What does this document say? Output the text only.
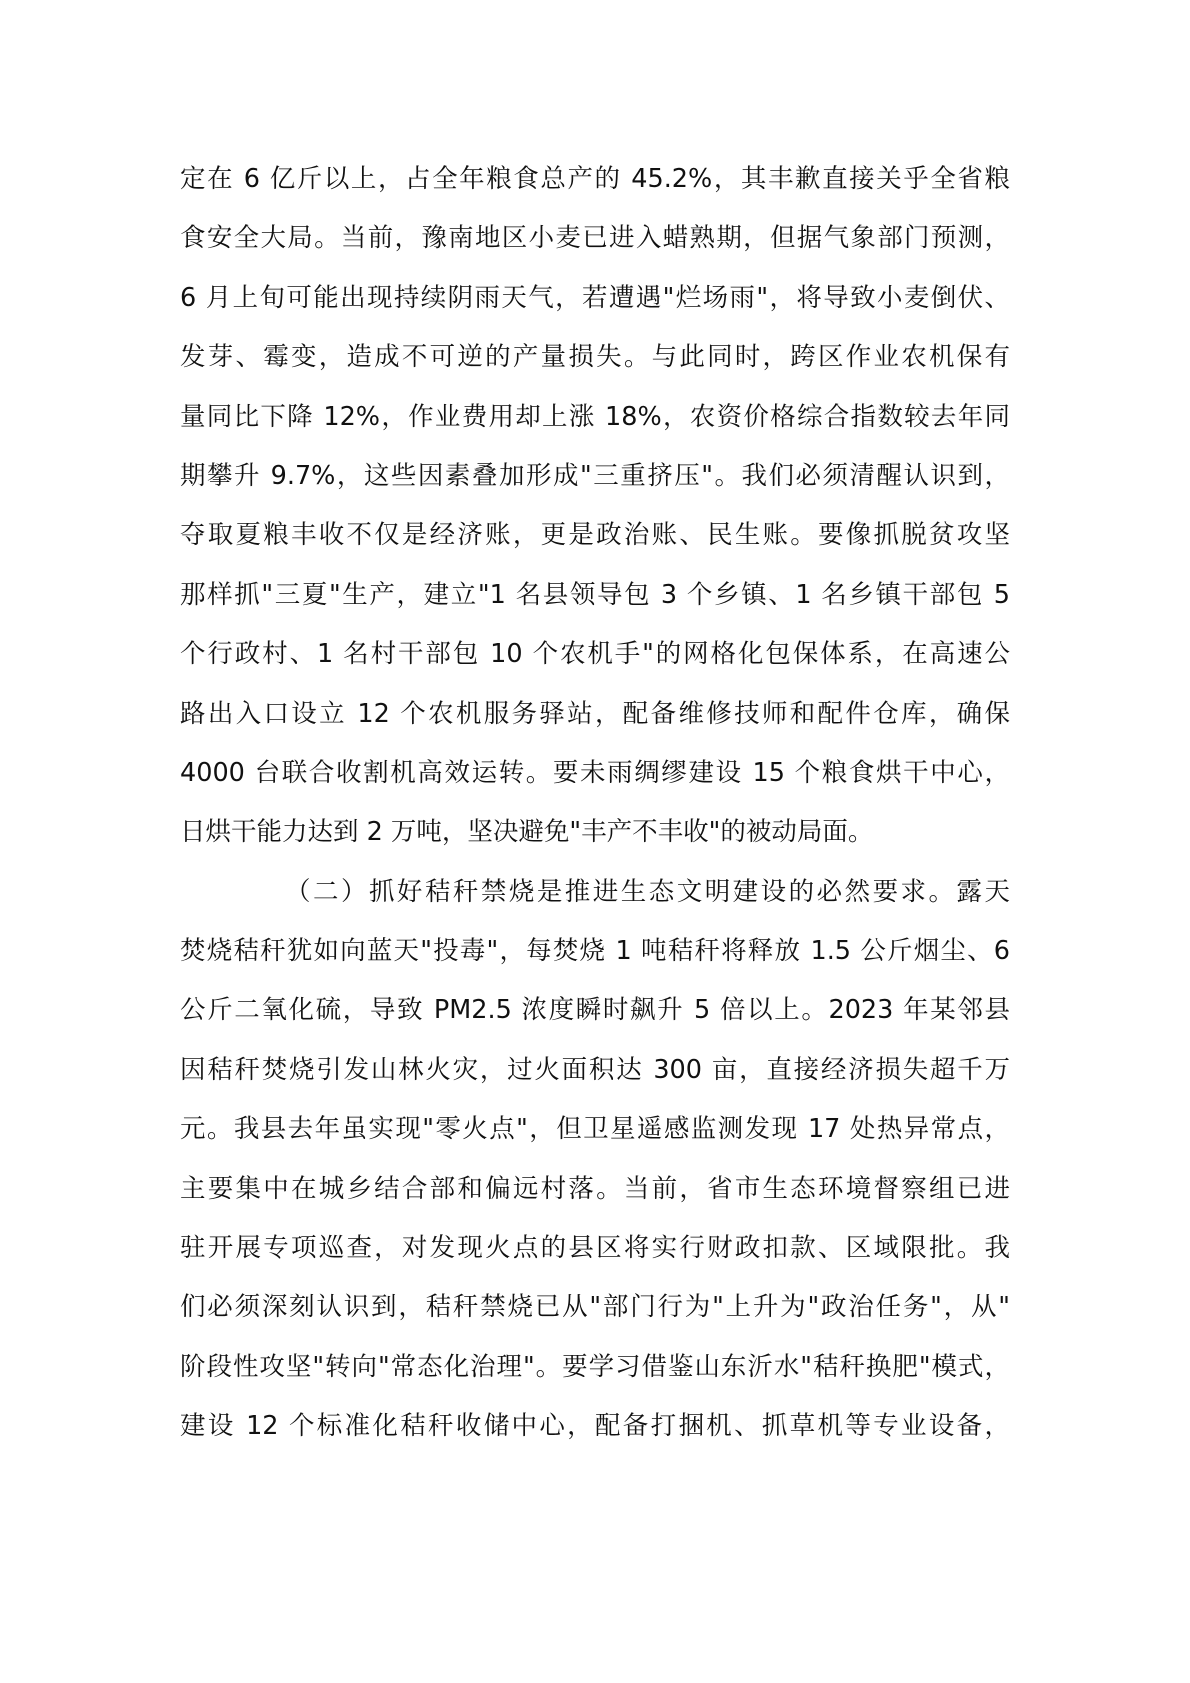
定在 6 亿斤以上，占全年粮食总产的 45.2%，其丰歉直接关乎全省粮
食安全大局。当前，豫南地区小麦已进入蜡熟期，但据气象部门预测，
6 月上旬可能出现持续阴雨天气，若遭遇"烂场雨"，将导致小麦倒伏、
发芽、霉变，造成不可逆的产量损失。与此同时，跨区作业农机保有
量同比下降 12%，作业费用却上涨 18%，农资价格综合指数较去年同
期攀升 9.7%，这些因素叠加形成"三重挤压"。我们必须清醒认识到，
夺取夏粮丰收不仅是经济账，更是政治账、民生账。要像抓脱贫攻坚
那样抓"三夏"生产，建立"1 名县领导包 3 个乡镇、1 名乡镇干部包 5
个行政村、1 名村干部包 10 个农机手"的网格化包保体系，在高速公
路出入口设立 12 个农机服务驿站，配备维修技师和配件仓库，确保
4000 台联合收割机高效运转。要未雨绸缪建设 15 个粮食烘干中心，
日烘干能力达到 2 万吨，坚决避免"丰产不丰收"的被动局面。
（二）抓好秸秆禁烧是推进生态文明建设的必然要求。露天
焚烧秸秆犹如向蓝天"投毒"，每焚烧 1 吨秸秆将释放 1.5 公斤烟尘、6
公斤二氧化硫，导致 PM2.5 浓度瞬时飙升 5 倍以上。2023 年某邻县
因秸秆焚烧引发山林火灾，过火面积达 300 亩，直接经济损失超千万
元。我县去年虽实现"零火点"，但卫星遥感监测发现 17 处热异常点，
主要集中在城乡结合部和偏远村落。当前，省市生态环境督察组已进
驻开展专项巡查，对发现火点的县区将实行财政扣款、区域限批。我
们必须深刻认识到，秸秆禁烧已从"部门行为"上升为"政治任务"，从"
阶段性攻坚"转向"常态化治理"。要学习借鉴山东沂水"秸秆换肥"模式，
建设 12 个标准化秸秆收储中心，配备打捆机、抓草机等专业设备，
